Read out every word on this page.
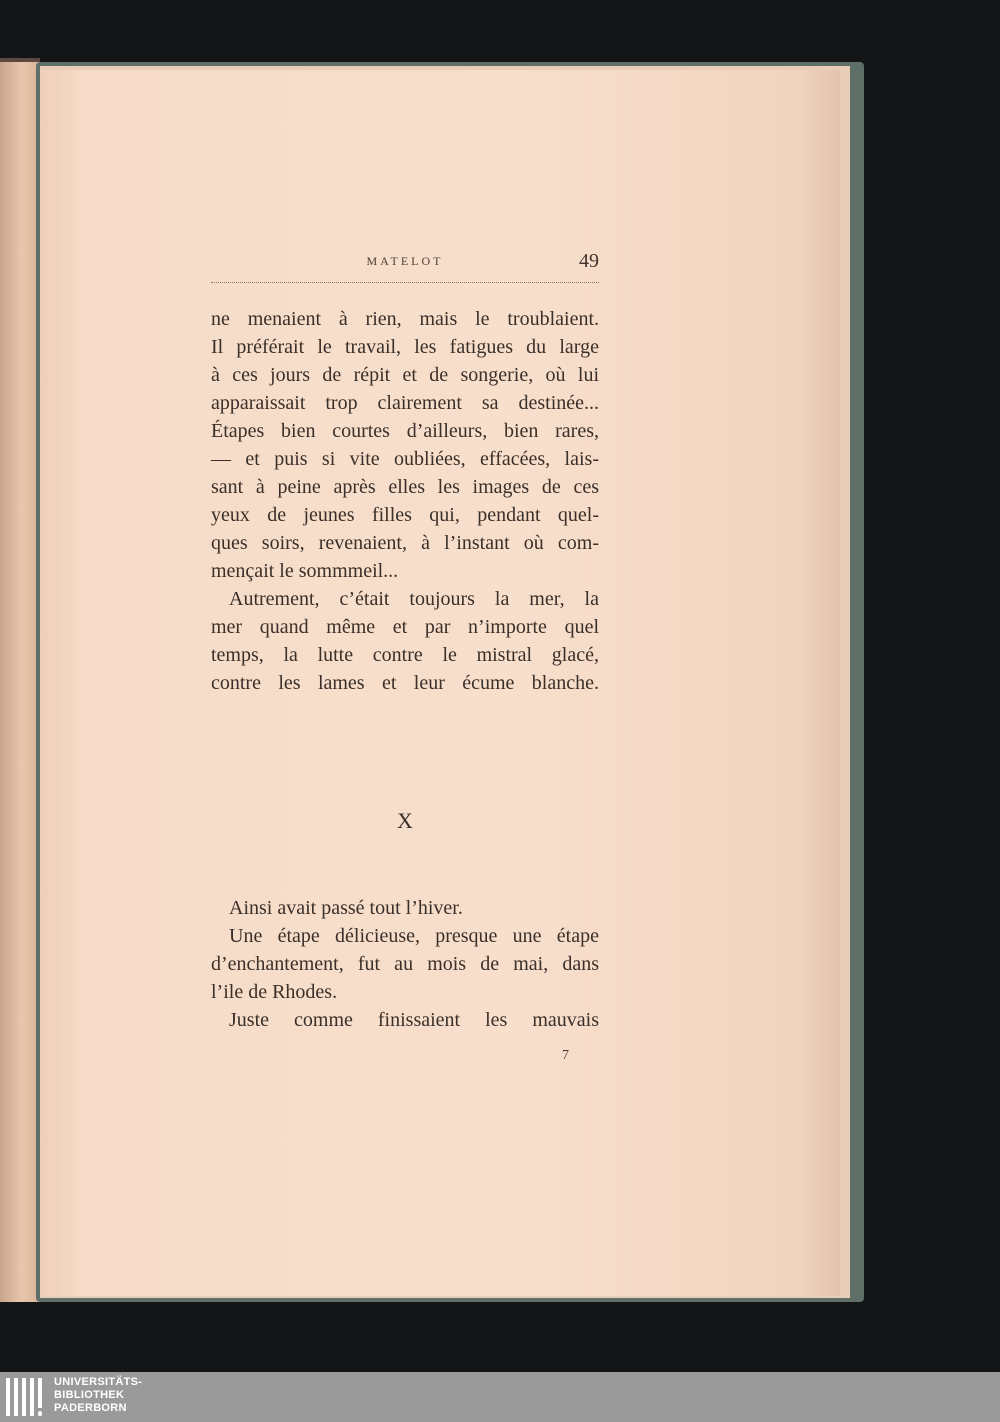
MATELOT	49
ne menaient à rien, mais le troublaient.
Il préférait le travail, les fatigues du large
à ces jours de répit et de songerie, où lui
apparaissait trop clairement sa destinée...
Étapes bien courtes d’ailleurs, bien rares,
— et puis si vite oubliées, effacées, lais-
sant à peine après elles les images de ces
yeux de jeunes filles qui, pendant quel-
ques soirs, revenaient, à l’instant où com-
mençait le sommmeil...
Autrement, c’était toujours la mer, la
mer quand même et par n’importe quel
temps, la lutte contre le mistral glacé,
contre les lames et leur écume blanche.
X
Ainsi avait passé tout l’hiver.
Une étape délicieuse, presque une étape
d’enchantement, fut au mois de mai, dans
l’ile de Rhodes.
Juste comme finissaient les mauvais
7
UNIVERSITÄTS-
BIBLIOTHEK
PADERBORN
